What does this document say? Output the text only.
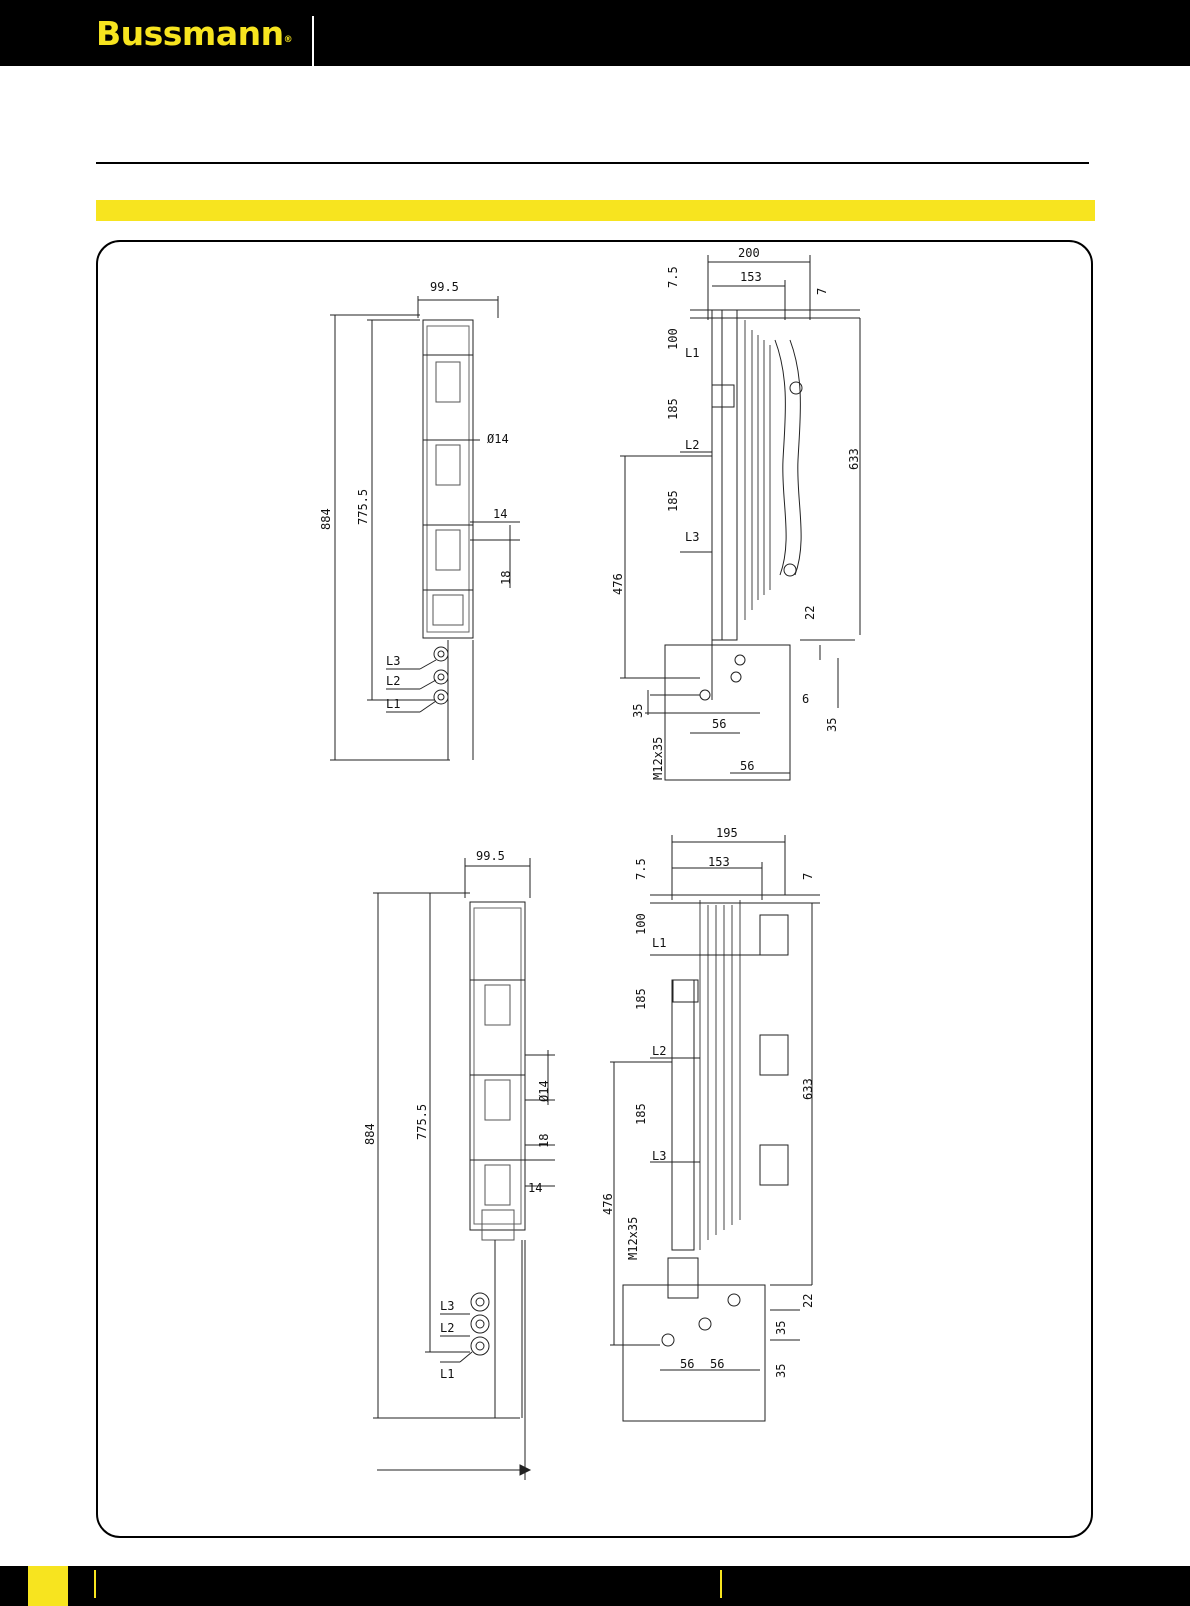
Bussmann®
99.5
884 775.5
Ø14
14
18
L3
L2
L1
200
153
7.5
7
100
L1
185
L2
185
L3
633
476
22
35
6
35
56
M12x35	56
99.5
884	775.5
Ø14
18
14
L3
L2
L1
195
153
7.5	7
100
L1
185
L2
185
L3
633
476
M12x35
22
35
35
56 56
